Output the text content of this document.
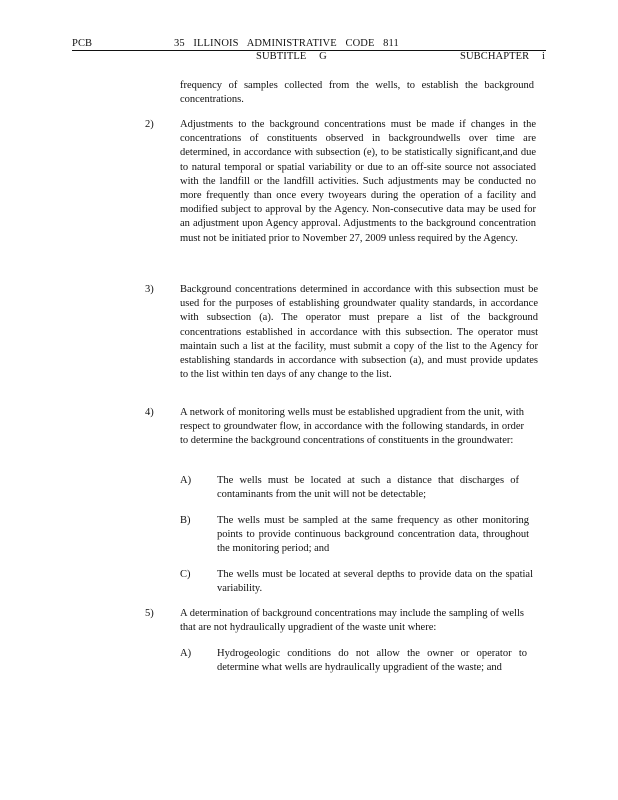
PCB	35 ILLINOIS ADMINISTRATIVE CODE 811
SUBTITLE G	SUBCHAPTER i
frequency of samples collected from the wells, to establish the background concentrations.
2)	Adjustments to the background concentrations must be made if changes in the concentrations of constituents observed in backgroundwells over time are determined, in accordance with subsection (e), to be statistically significant,and due to natural temporal or spatial variability or due to an off-site source not associated with the landfill or the landfill activities. Such adjustments may be conducted no more frequently than once every twoyears during the operation of a facility and modified subject to approval by the Agency. Non-consecutive data may be used for an adjustment upon Agency approval. Adjustments to the background concentration must not be initiated prior to November 27, 2009 unless required by the Agency.
3)	Background concentrations determined in accordance with this subsection must be used for the purposes of establishing groundwater quality standards, in accordance with subsection (a). The operator must prepare a list of the background concentrations established in accordance with this subsection. The operator must maintain such a list at the facility, must submit a copy of the list to the Agency for establishing standards in accordance with subsection (a), and must provide updates to the list within ten days of any change to the list.
4)	A network of monitoring wells must be established upgradient from the unit, with respect to groundwater flow, in accordance with the following standards, in order to determine the background concentrations of constituents in the groundwater:
A) The wells must be located at such a distance that discharges of contaminants from the unit will not be detectable;
B)	The wells must be sampled at the same frequency as other monitoring points to provide continuous background concentration data, throughout the monitoring period; and
C)	The wells must be located at several depths to provide data on the spatial variability.
5)	A determination of background concentrations may include the sampling of wells that are not hydraulically upgradient of the waste unit where:
A) Hydrogeologic conditions do not allow the owner or operator to determine what wells are hydraulically upgradient of the waste; and
